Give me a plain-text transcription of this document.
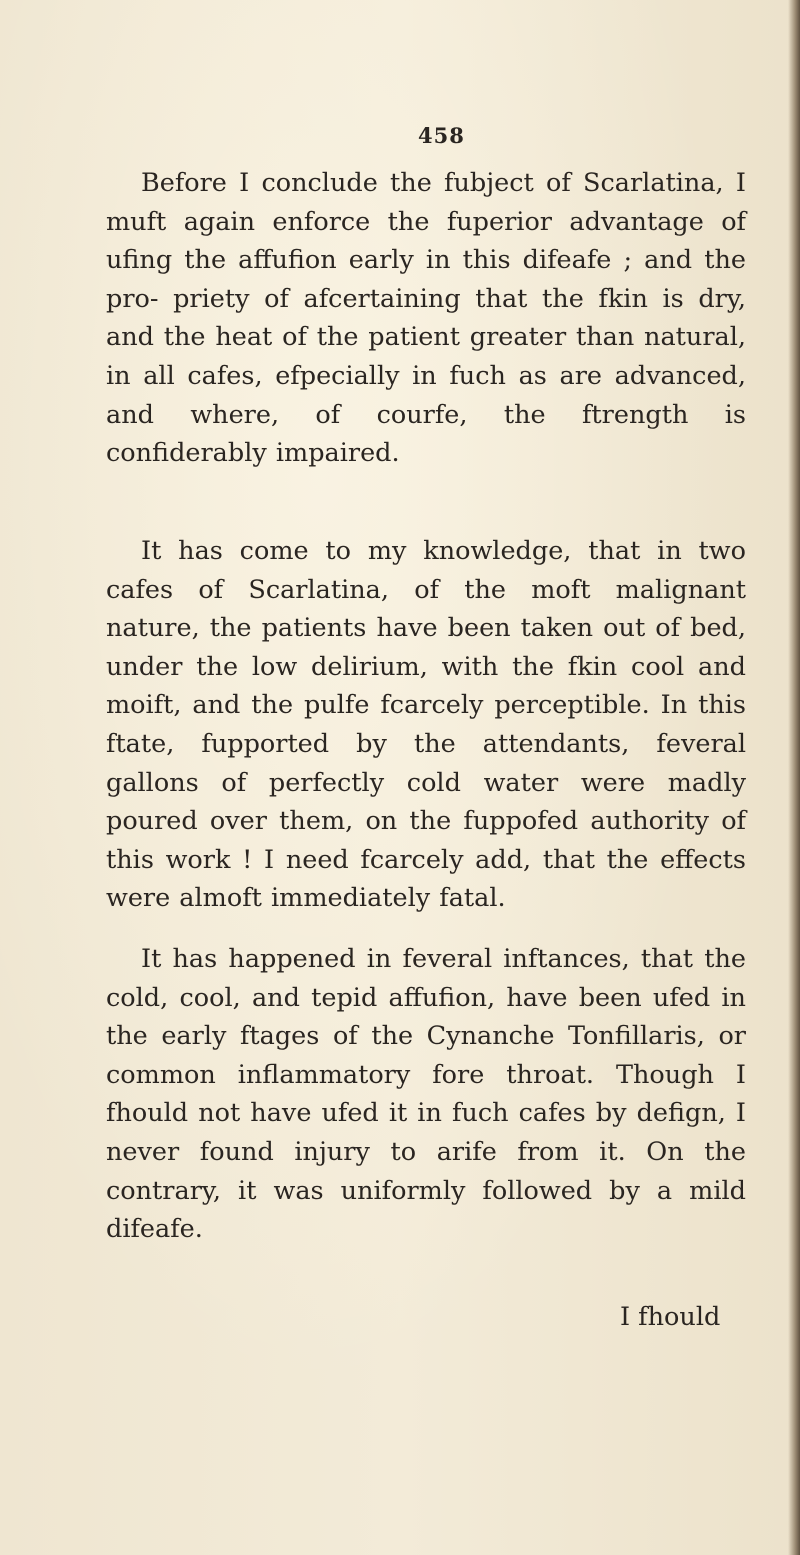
458

Before I conclude the fubject of Scarlatina, I muft again enforce the fuperior advantage of ufing the affufion early in this difeafe ; and the pro- priety of afcertaining that the fkin is dry, and the heat of the patient greater than natural, in all cafes, efpecially in fuch as are advanced, and where, of courfe, the ftrength is confiderably impaired.

It has come to my knowledge, that in two cafes of Scarlatina, of the moft malignant nature, the patients have been taken out of bed, under the low delirium, with the fkin cool and moift, and the pulfe fcarcely perceptible. In this ftate, fupported by the attendants, feveral gallons of perfectly cold water were madly poured over them, on the fuppofed authority of this work ! I need fcarcely add, that the effects were almoft immediately fatal.

It has happened in feveral inftances, that the cold, cool, and tepid affufion, have been ufed in the early ftages of the Cynanche Tonfillaris, or common inflammatory fore throat. Though I fhould not have ufed it in fuch cafes by defign, I never found injury to arife from it. On the contrary, it was uniformly followed by a mild difeafe.

I fhould
